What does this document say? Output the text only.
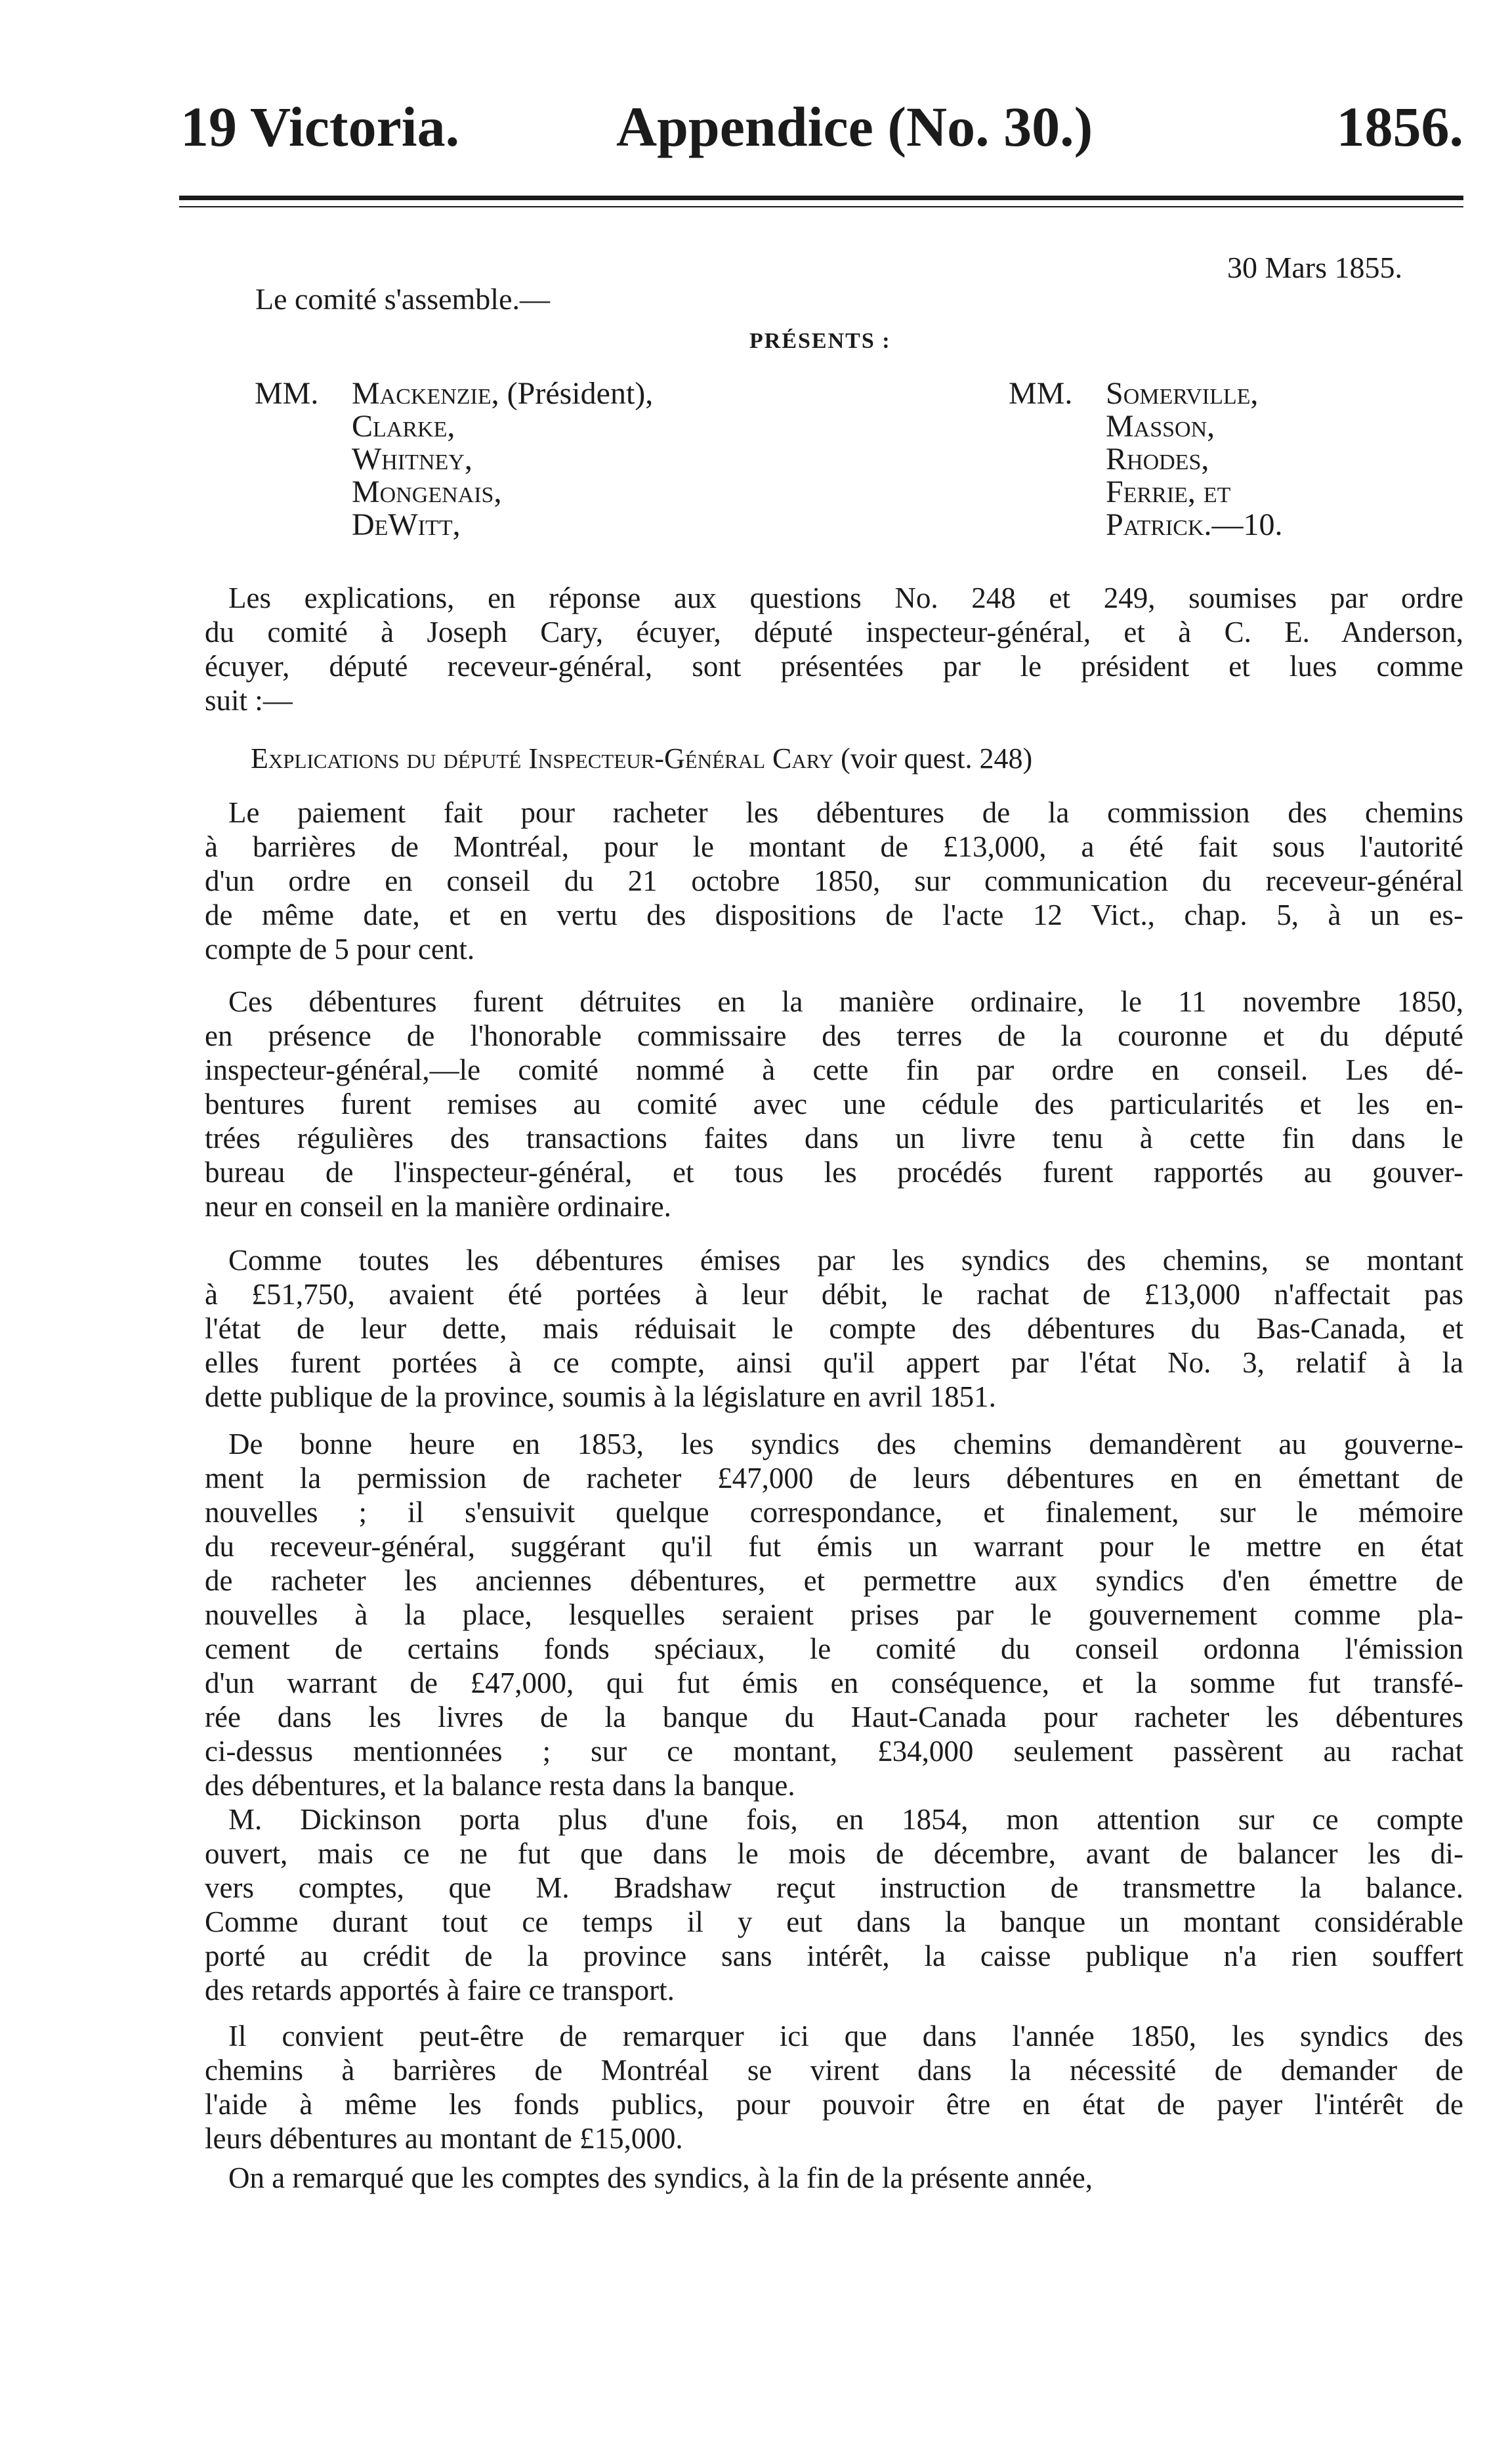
19 Victoria.	Appendice (No. 30.)	1856.
30 Mars 1855.
Le comité s'assemble.—
PRÉSENTS :
MM. Mackenzie, (Président),
Clarke,
Whitney,
Mongenais,
DeWitt,
MM. Somerville,
Masson,
Rhodes,
Ferrie, et
Patrick.—10.
Les explications, en réponse aux questions No. 248 et 249, soumises par ordre
du comité à Joseph Cary, écuyer, député inspecteur-général, et à C. E. Anderson,
écuyer, député receveur-général, sont présentées par le président et lues comme
suit :—
Explications du député Inspecteur-Général Cary (voir quest. 248)
Le paiement fait pour racheter les débentures de la commission des chemins
à barrières de Montréal, pour le montant de £13,000, a été fait sous l'autorité
d'un ordre en conseil du 21 octobre 1850, sur communication du receveur-général
de même date, et en vertu des dispositions de l'acte 12 Vict., chap. 5, à un es-
compte de 5 pour cent.
Ces débentures furent détruites en la manière ordinaire, le 11 novembre 1850,
en présence de l'honorable commissaire des terres de la couronne et du député
inspecteur-général,—le comité nommé à cette fin par ordre en conseil. Les dé-
bentures furent remises au comité avec une cédule des particularités et les en-
trées régulières des transactions faites dans un livre tenu à cette fin dans le
bureau de l'inspecteur-général, et tous les procédés furent rapportés au gouver-
neur en conseil en la manière ordinaire.
Comme toutes les débentures émises par les syndics des chemins, se montant
à £51,750, avaient été portées à leur débit, le rachat de £13,000 n'affectait pas
l'état de leur dette, mais réduisait le compte des débentures du Bas-Canada, et
elles furent portées à ce compte, ainsi qu'il appert par l'état No. 3, relatif à la
dette publique de la province, soumis à la législature en avril 1851.
De bonne heure en 1853, les syndics des chemins demandèrent au gouverne-
ment la permission de racheter £47,000 de leurs débentures en en émettant de
nouvelles ; il s'ensuivit quelque correspondance, et finalement, sur le mémoire
du receveur-général, suggérant qu'il fut émis un warrant pour le mettre en état
de racheter les anciennes débentures, et permettre aux syndics d'en émettre de
nouvelles à la place, lesquelles seraient prises par le gouvernement comme pla-
cement de certains fonds spéciaux, le comité du conseil ordonna l'émission
d'un warrant de £47,000, qui fut émis en conséquence, et la somme fut transfé-
rée dans les livres de la banque du Haut-Canada pour racheter les débentures
ci-dessus mentionnées ; sur ce montant, £34,000 seulement passèrent au rachat
des débentures, et la balance resta dans la banque.
M. Dickinson porta plus d'une fois, en 1854, mon attention sur ce compte
ouvert, mais ce ne fut que dans le mois de décembre, avant de balancer les di-
vers comptes, que M. Bradshaw reçut instruction de transmettre la balance.
Comme durant tout ce temps il y eut dans la banque un montant considérable
porté au crédit de la province sans intérêt, la caisse publique n'a rien souffert
des retards apportés à faire ce transport.
Il convient peut-être de remarquer ici que dans l'année 1850, les syndics des
chemins à barrières de Montréal se virent dans la nécessité de demander de
l'aide à même les fonds publics, pour pouvoir être en état de payer l'intérêt de
leurs débentures au montant de £15,000.
On a remarqué que les comptes des syndics, à la fin de la présente année,
